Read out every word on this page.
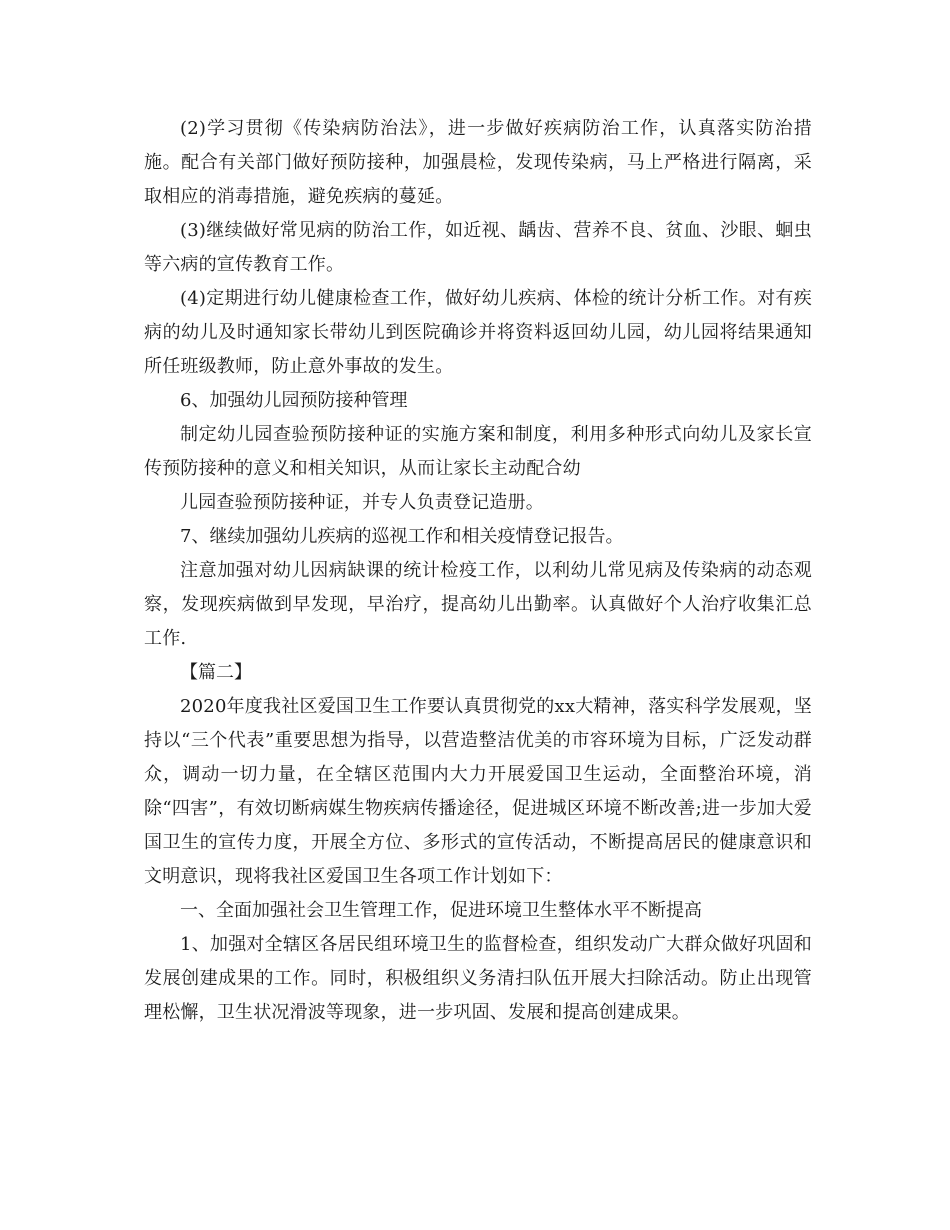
(2)学习贯彻《传染病防治法》，进一步做好疾病防治工作，认真落实防治措施。配合有关部门做好预防接种，加强晨检，发现传染病，马上严格进行隔离，采取相应的消毒措施，避免疾病的蔓延。

(3)继续做好常见病的防治工作，如近视、龋齿、营养不良、贫血、沙眼、蛔虫等六病的宣传教育工作。

(4)定期进行幼儿健康检查工作，做好幼儿疾病、体检的统计分析工作。对有疾病的幼儿及时通知家长带幼儿到医院确诊并将资料返回幼儿园，幼儿园将结果通知所任班级教师，防止意外事故的发生。

6、加强幼儿园预防接种管理

制定幼儿园查验预防接种证的实施方案和制度，利用多种形式向幼儿及家长宣传预防接种的意义和相关知识，从而让家长主动配合幼

儿园查验预防接种证，并专人负责登记造册。

7、继续加强幼儿疾病的巡视工作和相关疫情登记报告。

注意加强对幼儿因病缺课的统计检疫工作，以利幼儿常见病及传染病的动态观察，发现疾病做到早发现，早治疗，提高幼儿出勤率。认真做好个人治疗收集汇总工作.

【篇二】

2020年度我社区爱国卫生工作要认真贯彻党的xx大精神，落实科学发展观，坚持以“三个代表”重要思想为指导，以营造整洁优美的市容环境为目标，广泛发动群众，调动一切力量，在全辖区范围内大力开展爱国卫生运动，全面整治环境，消除“四害”，有效切断病媒生物疾病传播途径，促进城区环境不断改善;进一步加大爱国卫生的宣传力度，开展全方位、多形式的宣传活动，不断提高居民的健康意识和文明意识，现将我社区爱国卫生各项工作计划如下：

一、全面加强社会卫生管理工作，促进环境卫生整体水平不断提高

1、加强对全辖区各居民组环境卫生的监督检查，组织发动广大群众做好巩固和发展创建成果的工作。同时，积极组织义务清扫队伍开展大扫除活动。防止出现管理松懈，卫生状况滑波等现象，进一步巩固、发展和提高创建成果。
